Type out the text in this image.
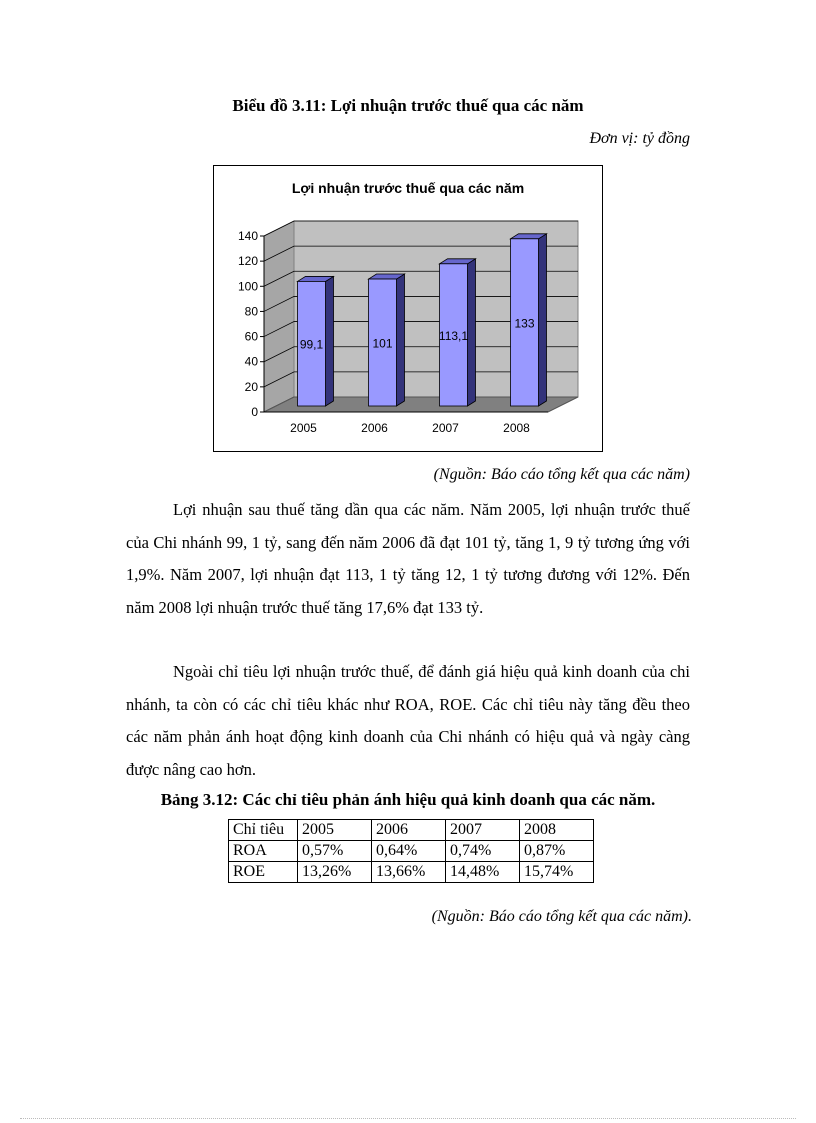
Biểu đồ 3.11: Lợi nhuận trước thuế qua các năm
Đơn vị: tỷ đồng
Lợi nhuận trước thuế qua các năm
0
20
40
60
80
100
120
140
99,1
2005
101
2006
113,1
2007
133
2008
(Nguồn: Báo cáo tổng kết qua các năm)

Lợi nhuận sau thuế tăng dần qua các năm. Năm 2005, lợi nhuận trước thuế của Chi nhánh 99, 1 tỷ, sang đến năm 2006 đã đạt 101 tỷ, tăng 1, 9 tỷ tương ứng với 1,9%. Năm 2007, lợi nhuận đạt 113, 1 tỷ tăng 12, 1 tỷ tương đương với 12%. Đến năm 2008 lợi nhuận trước thuế tăng 17,6% đạt 133 tỷ.

Ngoài chỉ tiêu lợi nhuận trước thuế, để đánh giá hiệu quả kinh doanh của chi nhánh, ta còn có các chỉ tiêu khác như ROA, ROE. Các chỉ tiêu này tăng đều theo các năm phản ánh hoạt động kinh doanh của Chi nhánh có hiệu quả và ngày càng được nâng cao hơn.

Bảng 3.12: Các chỉ tiêu phản ánh hiệu quả kinh doanh qua các năm.
Chỉ tiêu	2005	2006	2007	2008
ROA	0,57%	0,64%	0,74%	0,87%
ROE	13,26%	13,66%	14,48%	15,74%
(Nguồn: Báo cáo tổng kết qua các năm).
